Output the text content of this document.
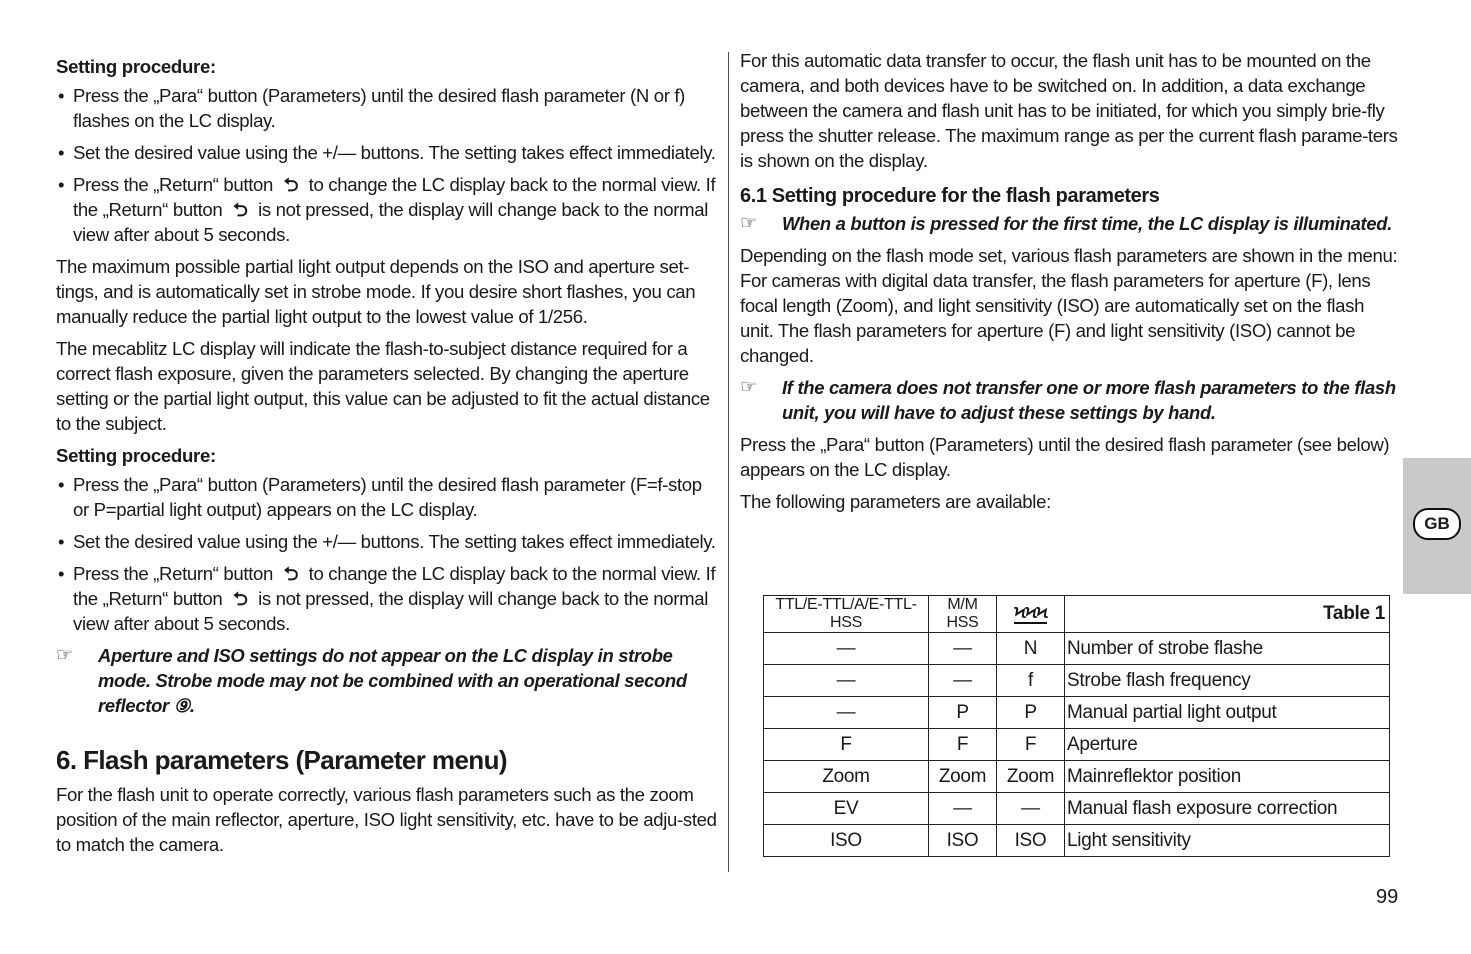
Setting procedure:
• Press the „Para“ button (Parameters) until the desired flash parameter (N or f) flashes on the LC display.
• Set the desired value using the +/— buttons. The setting takes effect immediately.
• Press the „Return“ button ⮌ to change the LC display back to the normal view. If the „Return“ button ⮌ is not pressed, the display will change back to the normal view after about 5 seconds.

The maximum possible partial light output depends on the ISO and aperture set-tings, and is automatically set in strobe mode. If you desire short flashes, you can manually reduce the partial light output to the lowest value of 1/256.

The mecablitz LC display will indicate the flash-to-subject distance required for a correct flash exposure, given the parameters selected. By changing the aperture setting or the partial light output, this value can be adjusted to fit the actual distance to the subject.

Setting procedure:
• Press the „Para“ button (Parameters) until the desired flash parameter (F=f-stop or P=partial light output) appears on the LC display.
• Set the desired value using the +/— buttons. The setting takes effect immediately.
• Press the „Return“ button ⮌ to change the LC display back to the normal view. If the „Return“ button ⮌ is not pressed, the display will change back to the normal view after about 5 seconds.
☞ Aperture and ISO settings do not appear on the LC display in strobe mode. Strobe mode may not be combined with an operational second reflector ⑨.
6. Flash parameters (Parameter menu)

For the flash unit to operate correctly, various flash parameters such as the zoom position of the main reflector, aperture, ISO light sensitivity, etc. have to be adju-sted to match the camera.

For this automatic data transfer to occur, the flash unit has to be mounted on the camera, and both devices have to be switched on. In addition, a data exchange between the camera and flash unit has to be initiated, for which you simply brie-fly press the shutter release. The maximum range as per the current flash parame-ters is shown on the display.

6.1 Setting procedure for the flash parameters
☞ When a button is pressed for the first time, the LC display is illuminated.

Depending on the flash mode set, various flash parameters are shown in the menu: For cameras with digital data transfer, the flash parameters for aperture (F), lens focal length (Zoom), and light sensitivity (ISO) are automatically set on the flash unit. The flash parameters for aperture (F) and light sensitivity (ISO) cannot be changed.

☞ If the camera does not transfer one or more flash parameters to the flash unit, you will have to adjust these settings by hand.

Press the „Para“ button (Parameters) until the desired flash parameter (see below) appears on the LC display.

The following parameters are available:

TTL/E-TTL/A/E-TTL-HSS	M/M HSS	ϞϞϞ	Table 1
—	—	N	Number of strobe flashe
—	—	f	Strobe flash frequency
—	P	P	Manual partial light output
F	F	F	Aperture
Zoom	Zoom	Zoom	Mainreflektor position
EV	—	—	Manual flash exposure correction
ISO	ISO	ISO	Light sensitivity
GB
99
